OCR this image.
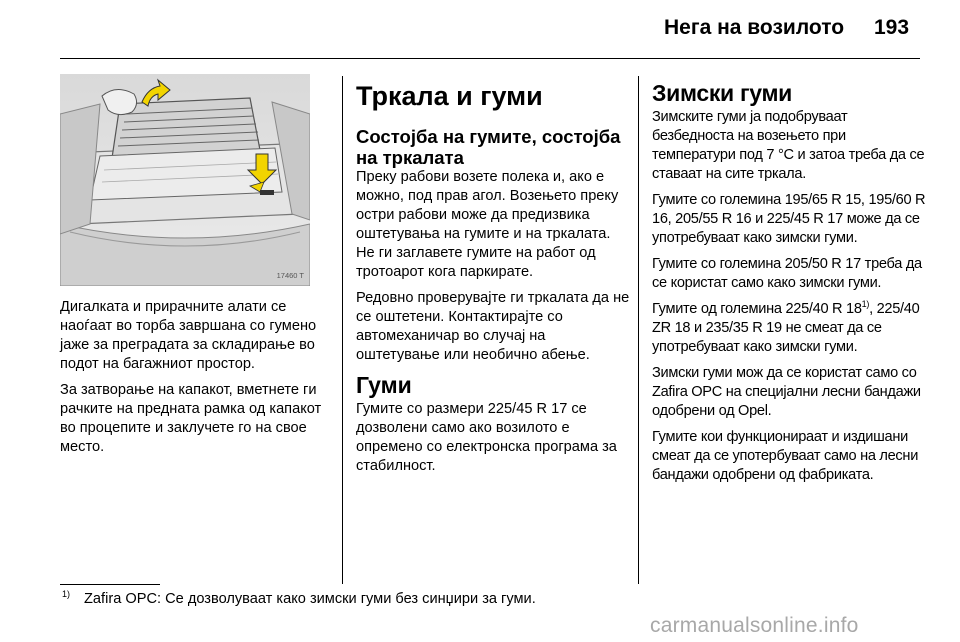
Нега на возилото 193
17460 T

Дигалката и прирачните алати се наоѓаат во торба завршана со гумено јаже за преградата за складирање во подот на багажниот простор.

За затворање на капакот, вметнете ги рачките на предната рамка од капакот во процепите и заклучете го на своe место.

Тркала и гуми
Состојба на гумите, состојба на тркалата

Преку рабови возете полека и, ако е можно, под прав агол. Возењето преку остри рабови може да предизвика оштетувања на гумите и на тркалата. Не ги заглавете гумите на работ од тротоарот кога паркирате.

Редовно проверувајте ги тркалата да не се оштетени. Контактирајте со автомеханичар во случај на оштетување или необично абење.

Гуми

Гумите со размери 225/45 R 17 се дозволени само ако возилото е опремено со електронска програма за стабилност.

Зимски гуми

Зимските гуми ја подобруваат безбедноста на возењето при температури под 7 °C и затоа треба да се ставаат на сите тркала.

Гумите со големина 195/65 R 15, 195/60 R 16, 205/55 R 16 и 225/45 R 17 може да се употребуваат како зимски гуми.

Гумите со големина 205/50 R 17 треба да се користат само како зимски гуми.

Гумите од големина 225/40 R 18$^{1)}$, 225/40 ZR 18 и 235/35 R 19 не смеат да се употребуваат како зимски гуми.

Зимски гуми мож да се користат само со Zafira OPC на специјални лесни бандажи одобрени од Opel.

Гумите кои функционираат и издишани смеат да се употербуваат само на лесни бандажи одобрени од фабриката.

$^{1)}$ Zafira OPC: Се дозволуваат како зимски гуми без синџири за гуми.
carmanualsonline.info
